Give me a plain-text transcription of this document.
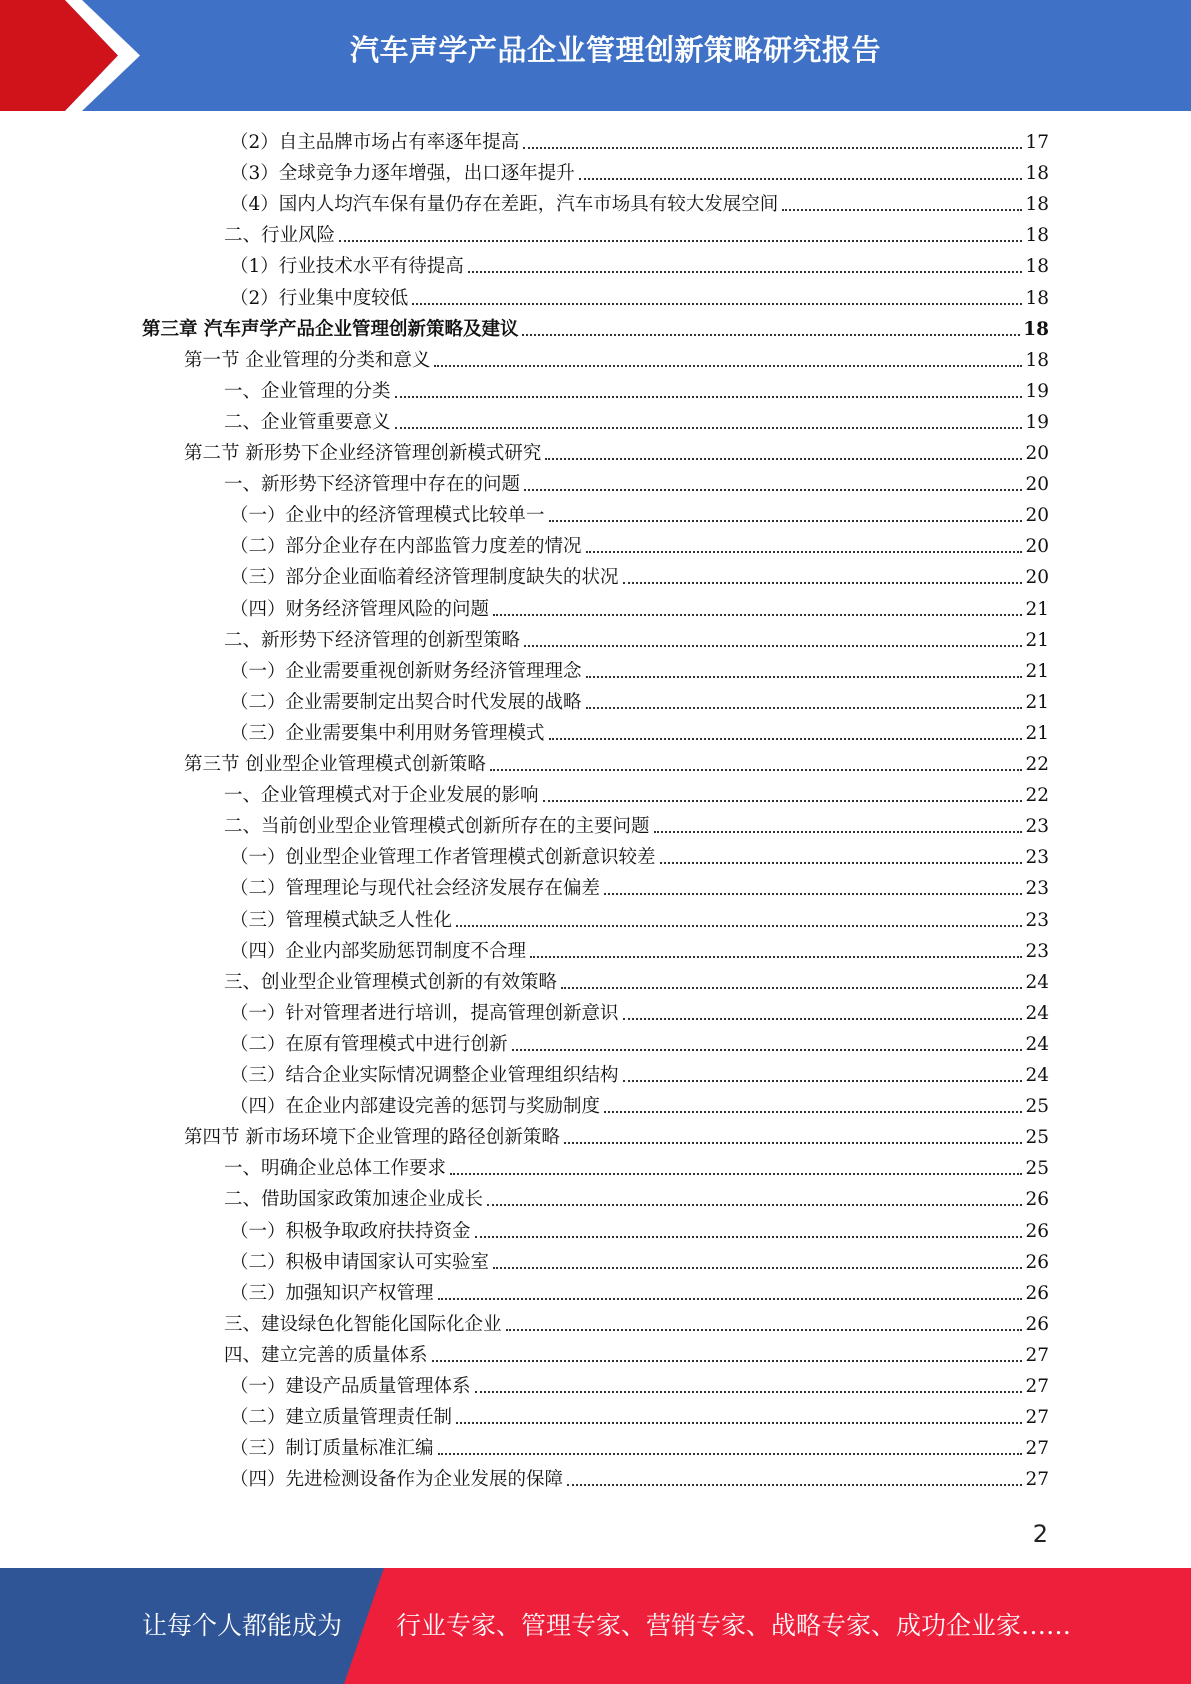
汽车声学产品企业管理创新策略研究报告
（2）自主品牌市场占有率逐年提高	17
（3）全球竞争力逐年增强，出口逐年提升	18
（4）国内人均汽车保有量仍存在差距，汽车市场具有较大发展空间	18
二、行业风险	18
（1）行业技术水平有待提高	18
（2）行业集中度较低	18
第三章 汽车声学产品企业管理创新策略及建议	18
第一节 企业管理的分类和意义	18
一、企业管理的分类	19
二、企业管重要意义	19
第二节 新形势下企业经济管理创新模式研究	20
一、新形势下经济管理中存在的问题	20
（一）企业中的经济管理模式比较单一	20
（二）部分企业存在内部监管力度差的情况	20
（三）部分企业面临着经济管理制度缺失的状况	20
（四）财务经济管理风险的问题	21
二、新形势下经济管理的创新型策略	21
（一）企业需要重视创新财务经济管理理念	21
（二）企业需要制定出契合时代发展的战略	21
（三）企业需要集中利用财务管理模式	21
第三节 创业型企业管理模式创新策略	22
一、企业管理模式对于企业发展的影响	22
二、当前创业型企业管理模式创新所存在的主要问题	23
（一）创业型企业管理工作者管理模式创新意识较差	23
（二）管理理论与现代社会经济发展存在偏差	23
（三）管理模式缺乏人性化	23
（四）企业内部奖励惩罚制度不合理	23
三、创业型企业管理模式创新的有效策略	24
（一）针对管理者进行培训，提高管理创新意识	24
（二）在原有管理模式中进行创新	24
（三）结合企业实际情况调整企业管理组织结构	24
（四）在企业内部建设完善的惩罚与奖励制度	25
第四节 新市场环境下企业管理的路径创新策略	25
一、明确企业总体工作要求	25
二、借助国家政策加速企业成长	26
（一）积极争取政府扶持资金	26
（二）积极申请国家认可实验室	26
（三）加强知识产权管理	26
三、建设绿色化智能化国际化企业	26
四、建立完善的质量体系	27
（一）建设产品质量管理体系	27
（二）建立质量管理责任制	27
（三）制订质量标准汇编	27
（四）先进检测设备作为企业发展的保障	27
2
让每个人都能成为 行业专家、管理专家、营销专家、战略专家、成功企业家……
